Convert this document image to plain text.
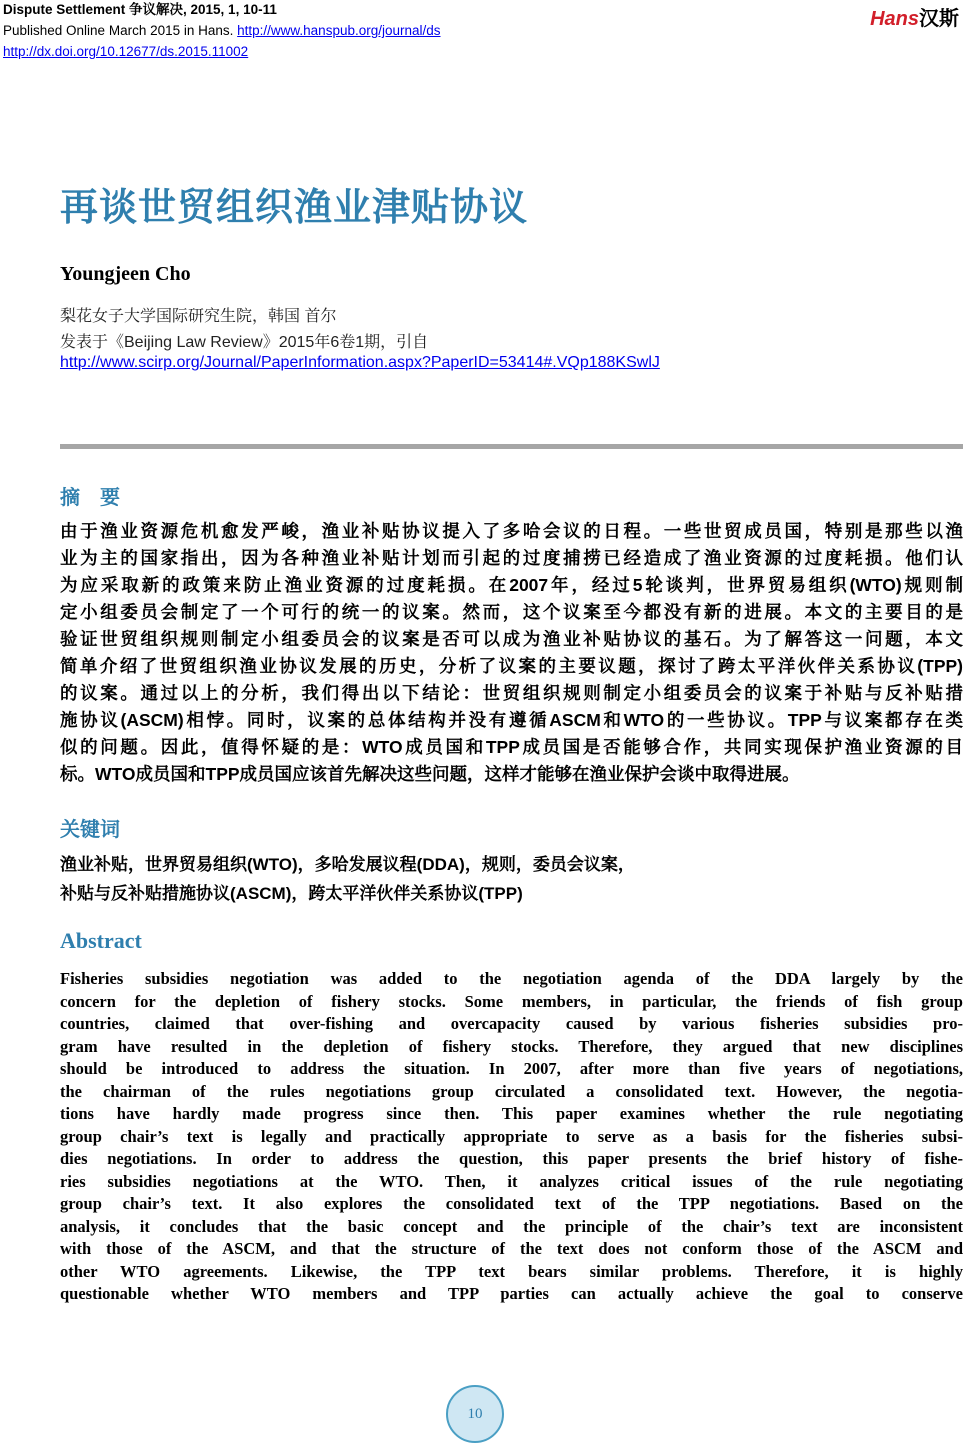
Dispute Settlement 争议解决, 2015, 1, 10-11
Published Online March 2015 in Hans. http://www.hanspub.org/journal/ds
http://dx.doi.org/10.12677/ds.2015.11002
Hans汉斯
再谈世贸组织渔业津贴协议
Youngjeen Cho
梨花女子大学国际研究生院，韩国 首尔
发表于《Beijing Law Review》2015年6卷1期，引自
http://www.scirp.org/Journal/PaperInformation.aspx?PaperID=53414#.VQp188KSwlJ
摘　要
由于渔业资源危机愈发严峻，渔业补贴协议提入了多哈会议的日程。一些世贸成员国，特别是那些以渔
业为主的国家指出，因为各种渔业补贴计划而引起的过度捕捞已经造成了渔业资源的过度耗损。他们认
为应采取新的政策来防止渔业资源的过度耗损。在2007年，经过5轮谈判，世界贸易组织(WTO)规则制
定小组委员会制定了一个可行的统一的议案。然而，这个议案至今都没有新的进展。本文的主要目的是
验证世贸组织规则制定小组委员会的议案是否可以成为渔业补贴协议的基石。为了解答这一问题，本文
简单介绍了世贸组织渔业协议发展的历史，分析了议案的主要议题，探讨了跨太平洋伙伴关系协议(TPP)
的议案。通过以上的分析，我们得出以下结论：世贸组织规则制定小组委员会的议案于补贴与反补贴措
施协议(ASCM)相悖。同时，议案的总体结构并没有遵循ASCM和WTO的一些协议。TPP与议案都存在类
似的问题。因此，值得怀疑的是：WTO成员国和TPP成员国是否能够合作，共同实现保护渔业资源的目
标。WTO成员国和TPP成员国应该首先解决这些问题，这样才能够在渔业保护会谈中取得进展。
关键词
渔业补贴，世界贸易组织(WTO)，多哈发展议程(DDA)，规则，委员会议案，
补贴与反补贴措施协议(ASCM)，跨太平洋伙伴关系协议(TPP)
Abstract
Fisheries subsidies negotiation was added to the negotiation agenda of the DDA largely by the
concern for the depletion of fishery stocks. Some members, in particular, the friends of fish group
countries, claimed that over-fishing and overcapacity caused by various fisheries subsidies pro-
gram have resulted in the depletion of fishery stocks. Therefore, they argued that new disciplines
should be introduced to address the situation. In 2007, after more than five years of negotiations,
the chairman of the rules negotiations group circulated a consolidated text. However, the negotia-
tions have hardly made progress since then. This paper examines whether the rule negotiating
group chair’s text is legally and practically appropriate to serve as a basis for the fisheries subsi-
dies negotiations. In order to address the question, this paper presents the brief history of fishe-
ries subsidies negotiations at the WTO. Then, it analyzes critical issues of the rule negotiating
group chair’s text. It also explores the consolidated text of the TPP negotiations. Based on the
analysis, it concludes that the basic concept and the principle of the chair’s text are inconsistent
with those of the ASCM, and that the structure of the text does not conform those of the ASCM and
other WTO agreements. Likewise, the TPP text bears similar problems. Therefore, it is highly
questionable whether WTO members and TPP parties can actually achieve the goal to conserve
10
